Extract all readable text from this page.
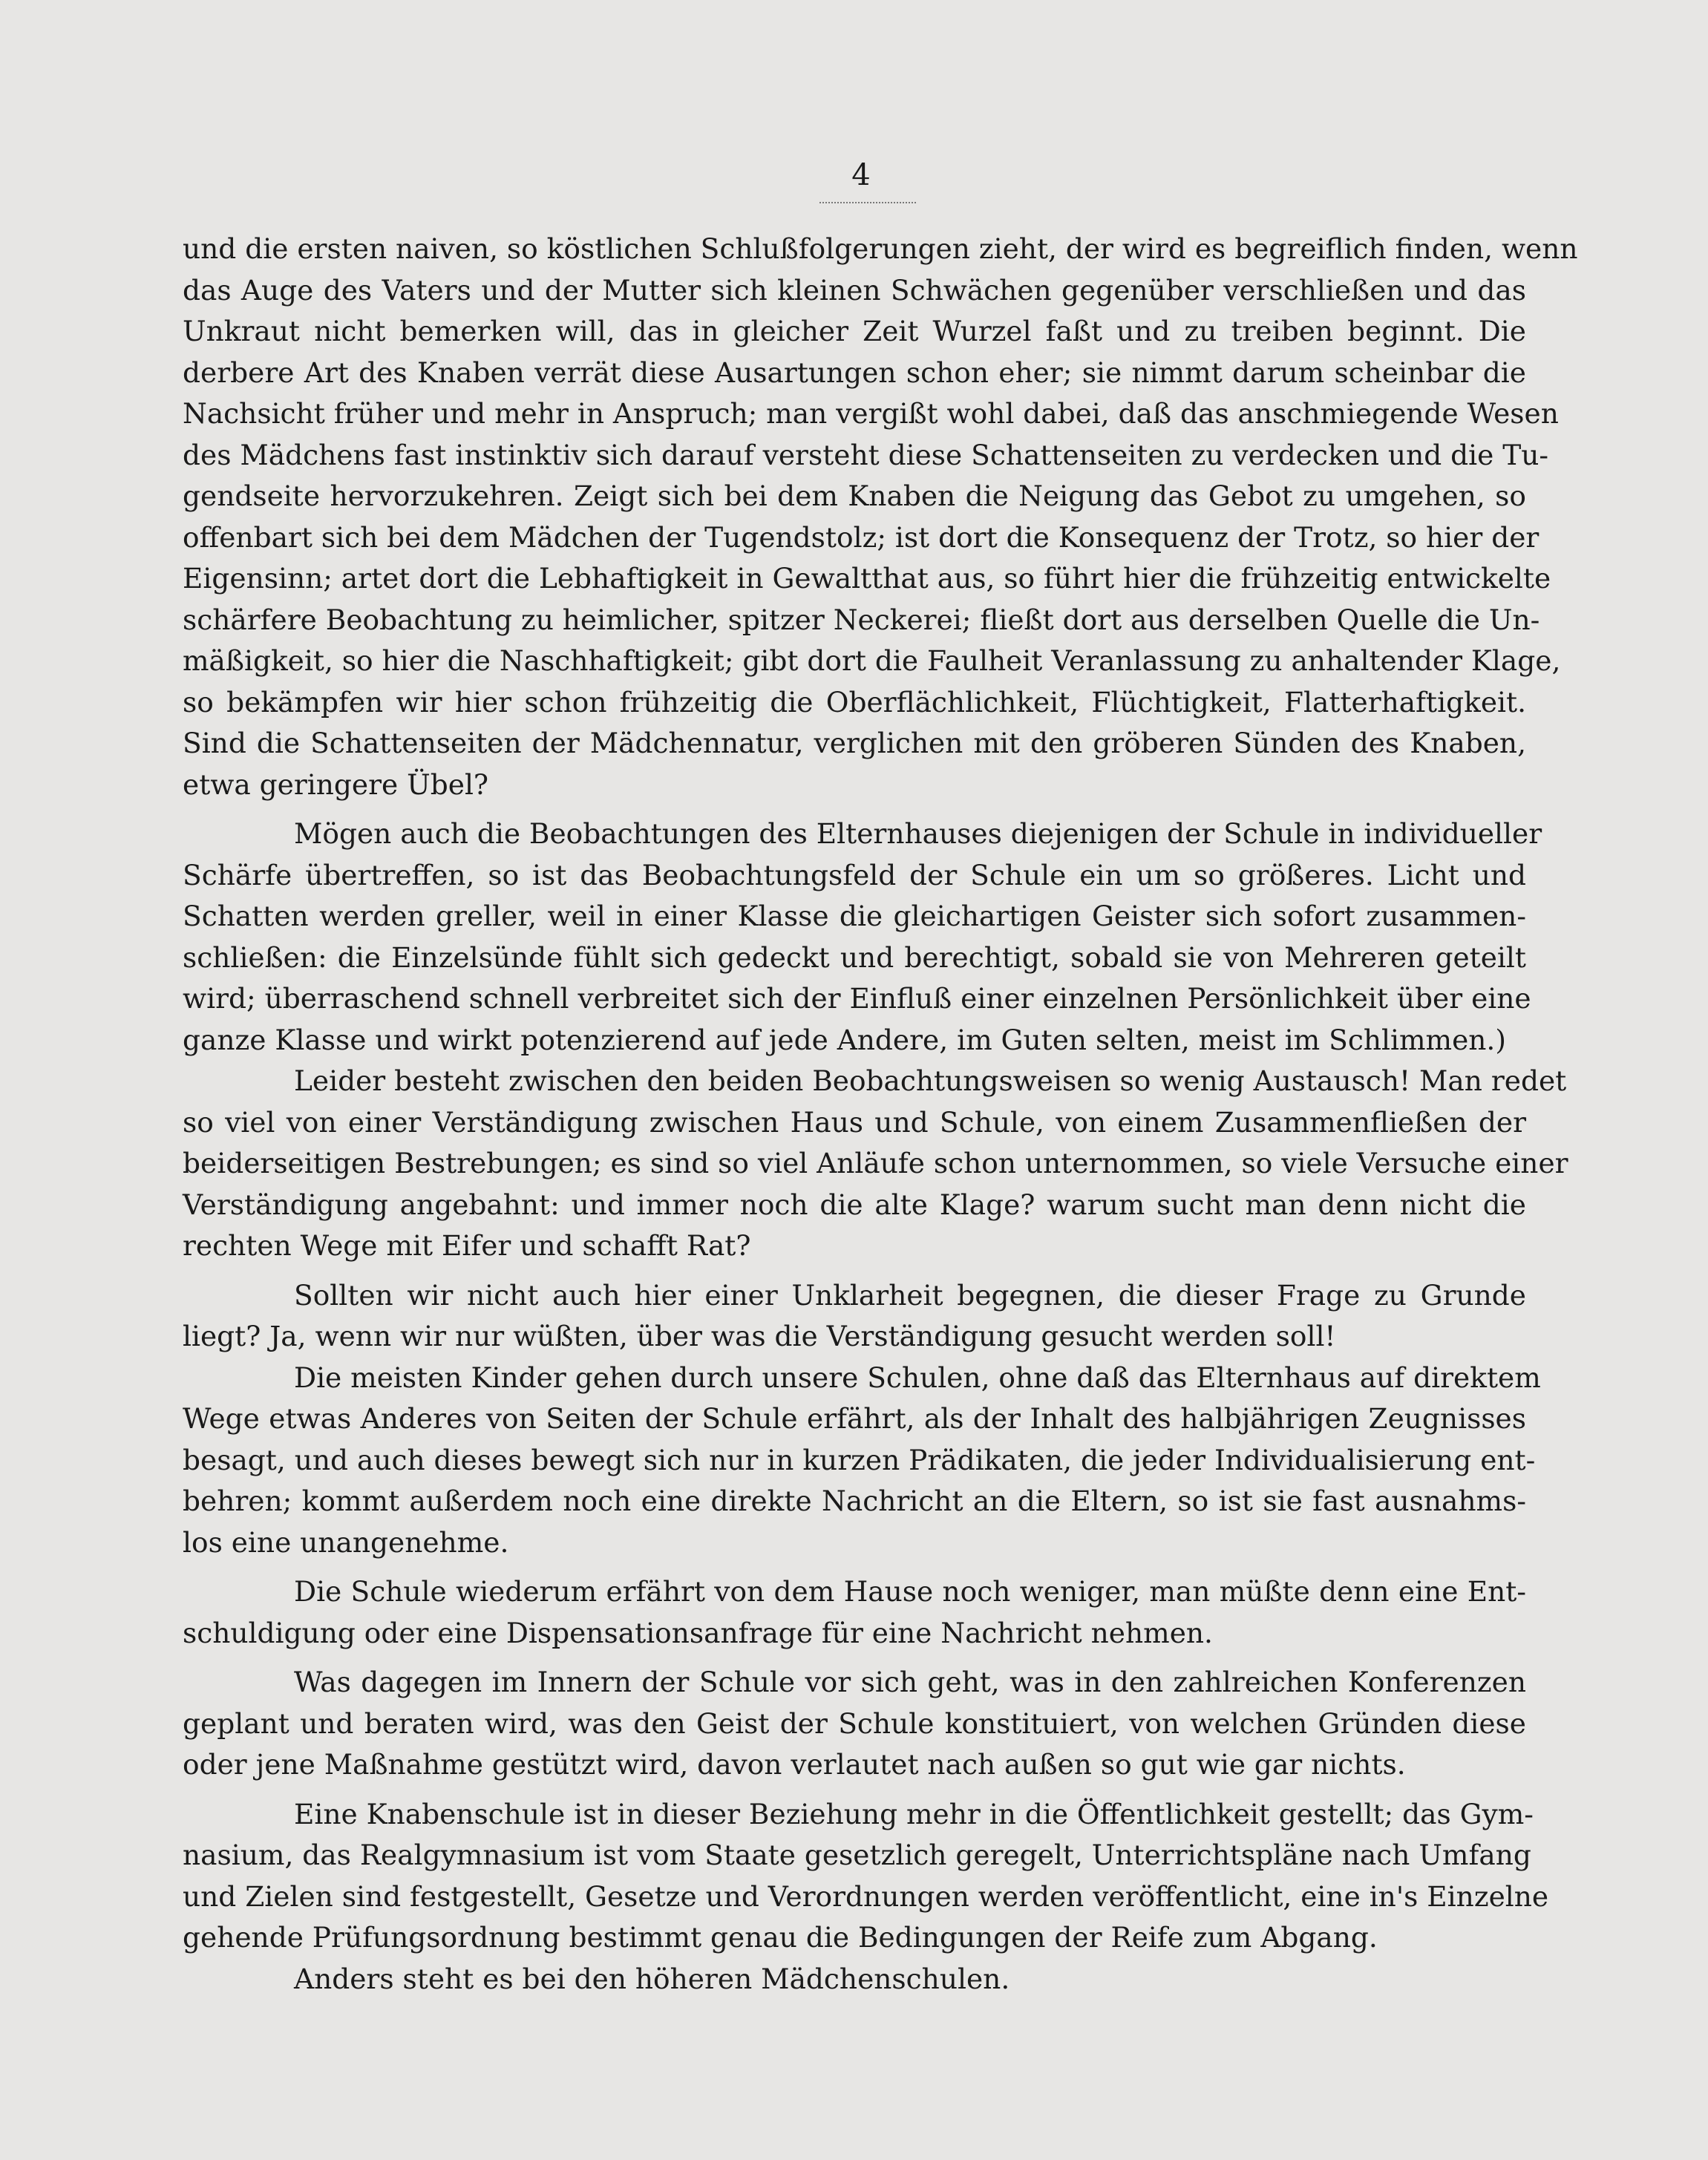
4
und die ersten naiven, so köstlichen Schlußfolgerungen zieht, der wird es begreiflich finden, wenn
das Auge des Vaters und der Mutter sich kleinen Schwächen gegenüber verschließen und das
Unkraut nicht bemerken will, das in gleicher Zeit Wurzel faßt und zu treiben beginnt. Die
derbere Art des Knaben verrät diese Ausartungen schon eher; sie nimmt darum scheinbar die
Nachsicht früher und mehr in Anspruch; man vergißt wohl dabei, daß das anschmiegende Wesen
des Mädchens fast instinktiv sich darauf versteht diese Schattenseiten zu verdecken und die Tu-
gendseite hervorzukehren. Zeigt sich bei dem Knaben die Neigung das Gebot zu umgehen, so
offenbart sich bei dem Mädchen der Tugendstolz; ist dort die Konsequenz der Trotz, so hier der
Eigensinn; artet dort die Lebhaftigkeit in Gewaltthat aus, so führt hier die frühzeitig entwickelte
schärfere Beobachtung zu heimlicher, spitzer Neckerei; fließt dort aus derselben Quelle die Un-
mäßigkeit, so hier die Naschhaftigkeit; gibt dort die Faulheit Veranlassung zu anhaltender Klage,
so bekämpfen wir hier schon frühzeitig die Oberflächlichkeit, Flüchtigkeit, Flatterhaftigkeit.
Sind die Schattenseiten der Mädchennatur, verglichen mit den gröberen Sünden des Knaben,
etwa geringere Übel?
Mögen auch die Beobachtungen des Elternhauses diejenigen der Schule in individueller
Schärfe übertreffen, so ist das Beobachtungsfeld der Schule ein um so größeres. Licht und
Schatten werden greller, weil in einer Klasse die gleichartigen Geister sich sofort zusammen-
schließen: die Einzelsünde fühlt sich gedeckt und berechtigt, sobald sie von Mehreren geteilt
wird; überraschend schnell verbreitet sich der Einfluß einer einzelnen Persönlichkeit über eine
ganze Klasse und wirkt potenzierend auf jede Andere, im Guten selten, meist im Schlimmen.)
Leider besteht zwischen den beiden Beobachtungsweisen so wenig Austausch! Man redet
so viel von einer Verständigung zwischen Haus und Schule, von einem Zusammenfließen der
beiderseitigen Bestrebungen; es sind so viel Anläufe schon unternommen, so viele Versuche einer
Verständigung angebahnt: und immer noch die alte Klage? warum sucht man denn nicht die
rechten Wege mit Eifer und schafft Rat?
Sollten wir nicht auch hier einer Unklarheit begegnen, die dieser Frage zu Grunde
liegt? Ja, wenn wir nur wüßten, über was die Verständigung gesucht werden soll!
Die meisten Kinder gehen durch unsere Schulen, ohne daß das Elternhaus auf direktem
Wege etwas Anderes von Seiten der Schule erfährt, als der Inhalt des halbjährigen Zeugnisses
besagt, und auch dieses bewegt sich nur in kurzen Prädikaten, die jeder Individualisierung ent-
behren; kommt außerdem noch eine direkte Nachricht an die Eltern, so ist sie fast ausnahms-
los eine unangenehme.
Die Schule wiederum erfährt von dem Hause noch weniger, man müßte denn eine Ent-
schuldigung oder eine Dispensationsanfrage für eine Nachricht nehmen.
Was dagegen im Innern der Schule vor sich geht, was in den zahlreichen Konferenzen
geplant und beraten wird, was den Geist der Schule konstituiert, von welchen Gründen diese
oder jene Maßnahme gestützt wird, davon verlautet nach außen so gut wie gar nichts.
Eine Knabenschule ist in dieser Beziehung mehr in die Öffentlichkeit gestellt; das Gym-
nasium, das Realgymnasium ist vom Staate gesetzlich geregelt, Unterrichtspläne nach Umfang
und Zielen sind festgestellt, Gesetze und Verordnungen werden veröffentlicht, eine in's Einzelne
gehende Prüfungsordnung bestimmt genau die Bedingungen der Reife zum Abgang.
Anders steht es bei den höheren Mädchenschulen.
